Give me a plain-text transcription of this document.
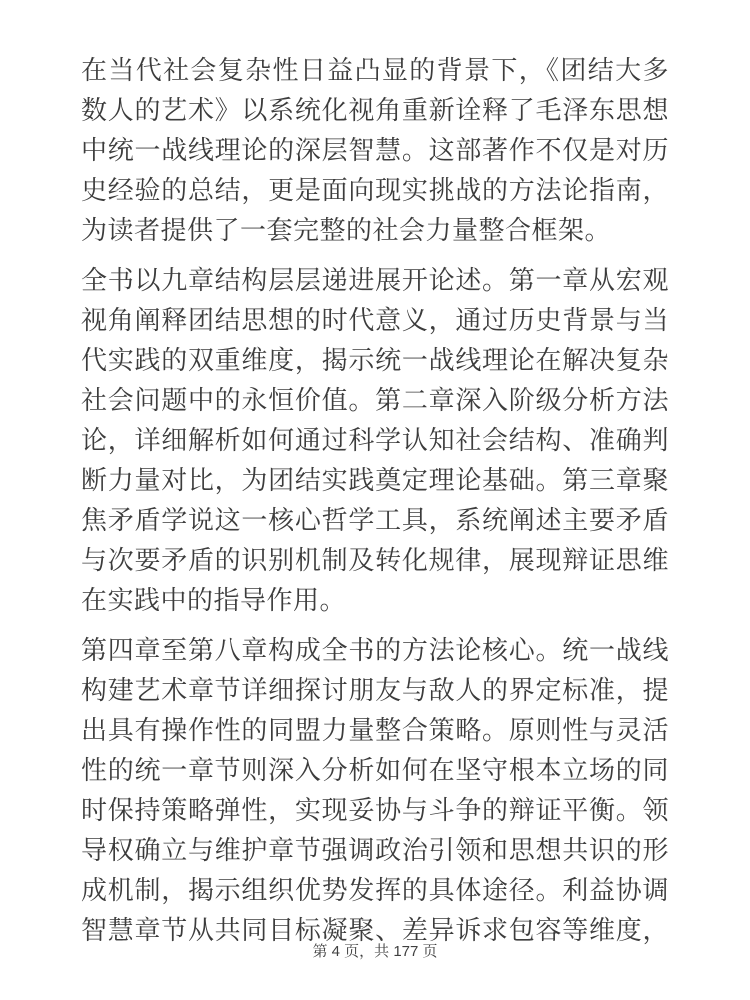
在当代社会复杂性日益凸显的背景下，《团结大多
数人的艺术》以系统化视角重新诠释了毛泽东思想
中统一战线理论的深层智慧。这部著作不仅是对历
史经验的总结，更是面向现实挑战的方法论指南，
为读者提供了一套完整的社会力量整合框架。
全书以九章结构层层递进展开论述。第一章从宏观
视角阐释团结思想的时代意义，通过历史背景与当
代实践的双重维度，揭示统一战线理论在解决复杂
社会问题中的永恒价值。第二章深入阶级分析方法
论，详细解析如何通过科学认知社会结构、准确判
断力量对比，为团结实践奠定理论基础。第三章聚
焦矛盾学说这一核心哲学工具，系统阐述主要矛盾
与次要矛盾的识别机制及转化规律，展现辩证思维
在实践中的指导作用。
第四章至第八章构成全书的方法论核心。统一战线
构建艺术章节详细探讨朋友与敌人的界定标准，提
出具有操作性的同盟力量整合策略。原则性与灵活
性的统一章节则深入分析如何在坚守根本立场的同
时保持策略弹性，实现妥协与斗争的辩证平衡。领
导权确立与维护章节强调政治引领和思想共识的形
成机制，揭示组织优势发挥的具体途径。利益协调
智慧章节从共同目标凝聚、差异诉求包容等维度，
第 4 页，共 177 页
